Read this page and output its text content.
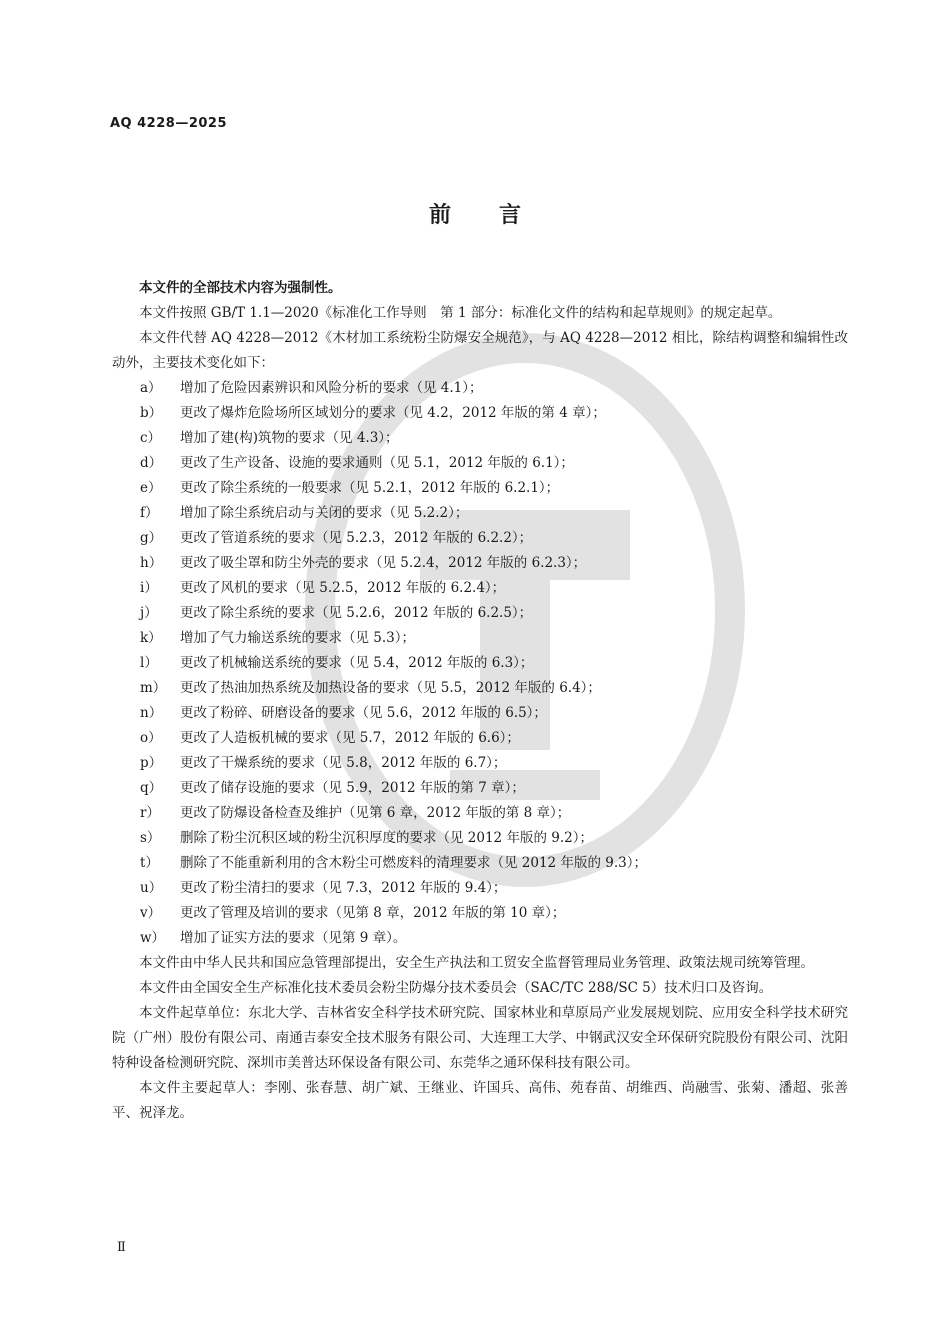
AQ 4228—2025
前言

本文件的全部技术内容为强制性。

本文件按照 GB/T 1.1—2020《标准化工作导则　第 1 部分：标准化文件的结构和起草规则》的规定起草。

本文件代替 AQ 4228—2012《木材加工系统粉尘防爆安全规范》，与 AQ 4228—2012 相比，除结构调整和编辑性改动外，主要技术变化如下：

a） 增加了危险因素辨识和风险分析的要求（见 4.1）；
b） 更改了爆炸危险场所区域划分的要求（见 4.2，2012 年版的第 4 章）；
c） 增加了建(构)筑物的要求（见 4.3）；
d） 更改了生产设备、设施的要求通则（见 5.1，2012 年版的 6.1）；
e） 更改了除尘系统的一般要求（见 5.2.1，2012 年版的 6.2.1）；
f） 增加了除尘系统启动与关闭的要求（见 5.2.2）；
g） 更改了管道系统的要求（见 5.2.3，2012 年版的 6.2.2）；
h） 更改了吸尘罩和防尘外壳的要求（见 5.2.4，2012 年版的 6.2.3）；
i） 更改了风机的要求（见 5.2.5，2012 年版的 6.2.4）；
j） 更改了除尘系统的要求（见 5.2.6，2012 年版的 6.2.5）；
k） 增加了气力输送系统的要求（见 5.3）；
l） 更改了机械输送系统的要求（见 5.4，2012 年版的 6.3）；
m） 更改了热油加热系统及加热设备的要求（见 5.5，2012 年版的 6.4）；
n） 更改了粉碎、研磨设备的要求（见 5.6，2012 年版的 6.5）；
o） 更改了人造板机械的要求（见 5.7，2012 年版的 6.6）；
p） 更改了干燥系统的要求（见 5.8，2012 年版的 6.7）；
q） 更改了储存设施的要求（见 5.9，2012 年版的第 7 章）；
r） 更改了防爆设备检查及维护（见第 6 章，2012 年版的第 8 章）；
s） 删除了粉尘沉积区域的粉尘沉积厚度的要求（见 2012 年版的 9.2）；
t） 删除了不能重新利用的含木粉尘可燃废料的清理要求（见 2012 年版的 9.3）；
u） 更改了粉尘清扫的要求（见 7.3，2012 年版的 9.4）；
v） 更改了管理及培训的要求（见第 8 章，2012 年版的第 10 章）；
w） 增加了证实方法的要求（见第 9 章）。

本文件由中华人民共和国应急管理部提出，安全生产执法和工贸安全监督管理局业务管理、政策法规司统筹管理。

本文件由全国安全生产标准化技术委员会粉尘防爆分技术委员会（SAC/TC 288/SC 5）技术归口及咨询。

本文件起草单位：东北大学、吉林省安全科学技术研究院、国家林业和草原局产业发展规划院、应用安全科学技术研究院（广州）股份有限公司、南通吉泰安全技术服务有限公司、大连理工大学、中钢武汉安全环保研究院股份有限公司、沈阳特种设备检测研究院、深圳市美普达环保设备有限公司、东莞华之通环保科技有限公司。

本文件主要起草人：李刚、张春慧、胡广斌、王继业、许国兵、高伟、苑春苗、胡维西、尚融雪、张菊、潘超、张善平、祝泽龙。

Ⅱ
